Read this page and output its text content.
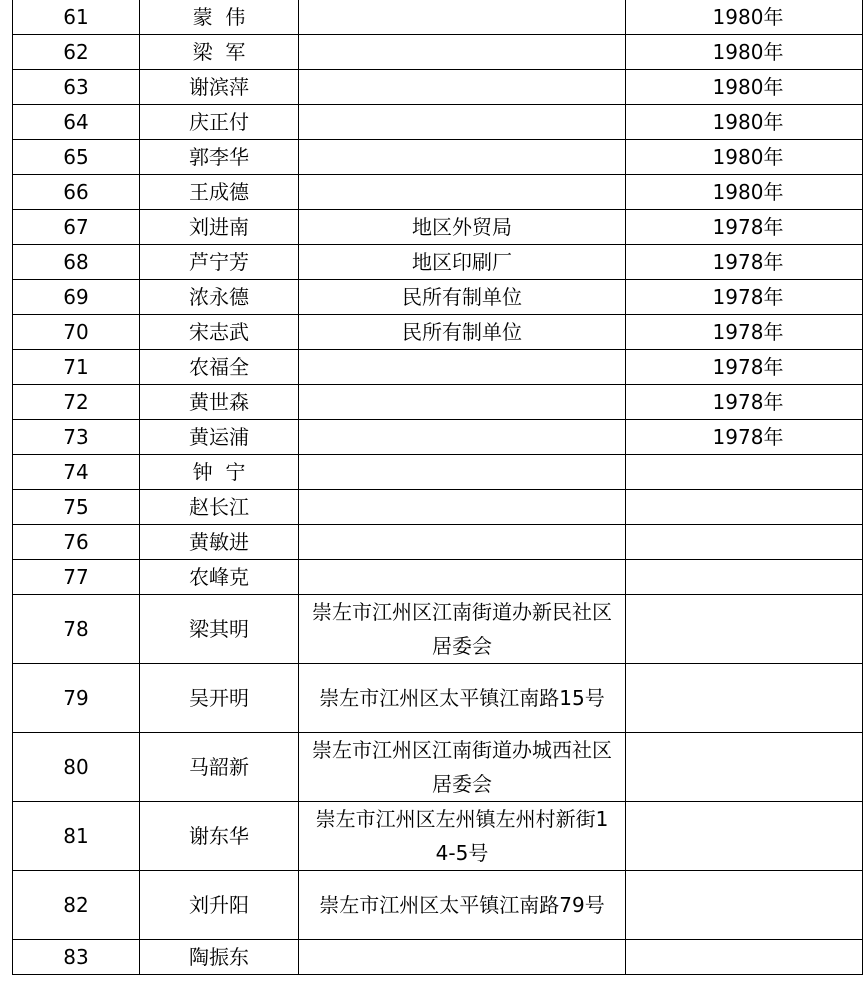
61	蒙  伟		1980年
62	梁  军		1980年
63	谢滨萍		1980年
64	庆正付		1980年
65	郭李华		1980年
66	王成德		1980年
67	刘进南	地区外贸局	1978年
68	芦宁芳	地区印刷厂	1978年
69	浓永德	民所有制单位	1978年
70	宋志武	民所有制单位	1978年
71	农福全		1978年
72	黄世森		1978年
73	黄运浦		1978年
74	钟  宁	

75	赵长江	

76	黄敏进	

77	农峰克	

78	梁其明	崇左市江州区江南街道办新民社区居委会	

79	吴开明	崇左市江州区太平镇江南路15号	

80	马韶新	崇左市江州区江南街道办城西社区居委会	

81	谢东华	崇左市江州区左州镇左州村新街14-5号	

82	刘升阳	崇左市江州区太平镇江南路79号	

83	陶振东	
